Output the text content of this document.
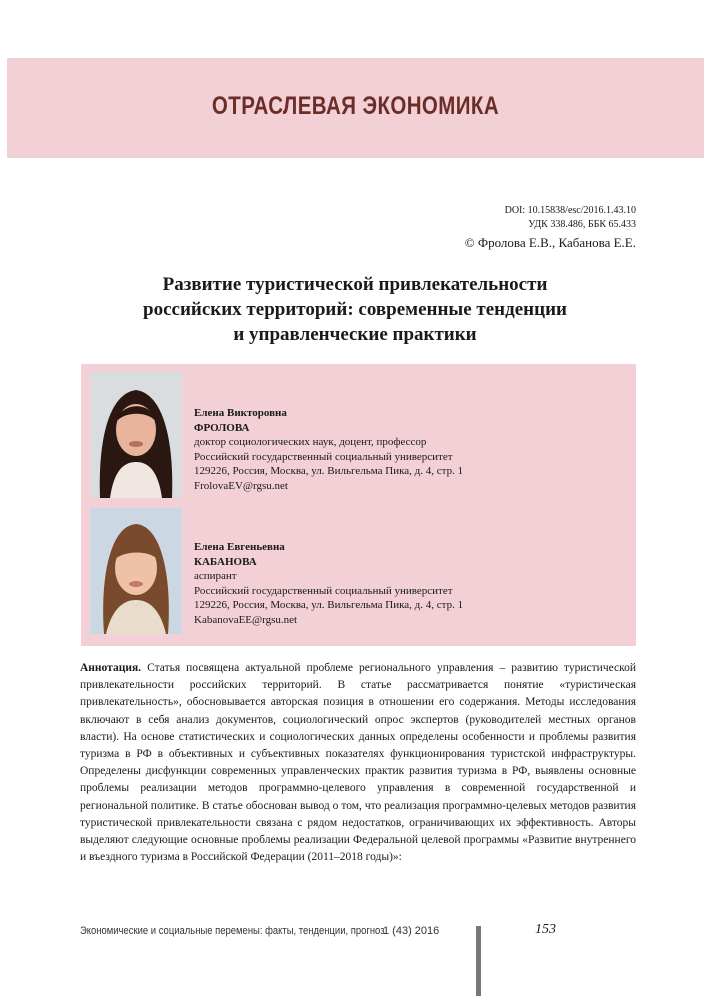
ОТРАСЛЕВАЯ ЭКОНОМИКА
DOI: 10.15838/esc/2016.1.43.10
УДК 338.486, ББК 65.433
© Фролова Е.В., Кабанова Е.Е.
Развитие туристической привлекательности
российских территорий: современные тенденции
и управленческие практики
Елена Викторовна
ФРОЛОВА
доктор социологических наук, доцент, профессор
Российский государственный социальный университет
129226, Россия, Москва, ул. Вильгельма Пика, д. 4, стр. 1
FrolovaEV@rgsu.net
Елена Евгеньевна
КАБАНОВА
аспирант
Российский государственный социальный университет
129226, Россия, Москва, ул. Вильгельма Пика, д. 4, стр. 1
KabanovaEE@rgsu.net
Аннотация. Статья посвящена актуальной проблеме регионального управления – развитию туристической привлекательности российских территорий. В статье рассматривается понятие «туристическая привлекательность», обосновывается авторская позиция в отношении его содержания. Методы исследования включают в себя анализ документов, социологический опрос экспертов (руководителей местных органов власти). На основе статистических и социологических данных определены особенности и проблемы развития туризма в РФ в объективных и субъективных показателях функционирования туристской инфраструктуры. Определены дисфункции современных управленческих практик развития туризма в РФ, выявлены основные проблемы реализации методов программно-целевого управления в современной государственной и региональной политике. В статье обоснован вывод о том, что реализация программно-целевых методов развития туристической привлекательности связана с рядом недостатков, ограничивающих их эффективность. Авторы выделяют следующие основные проблемы реализации Федеральной целевой программы «Развитие внутреннего и въездного туризма в Российской Федерации (2011–2018 годы)»:
Экономические и социальные перемены: факты, тенденции, прогноз
1 (43) 2016	153
